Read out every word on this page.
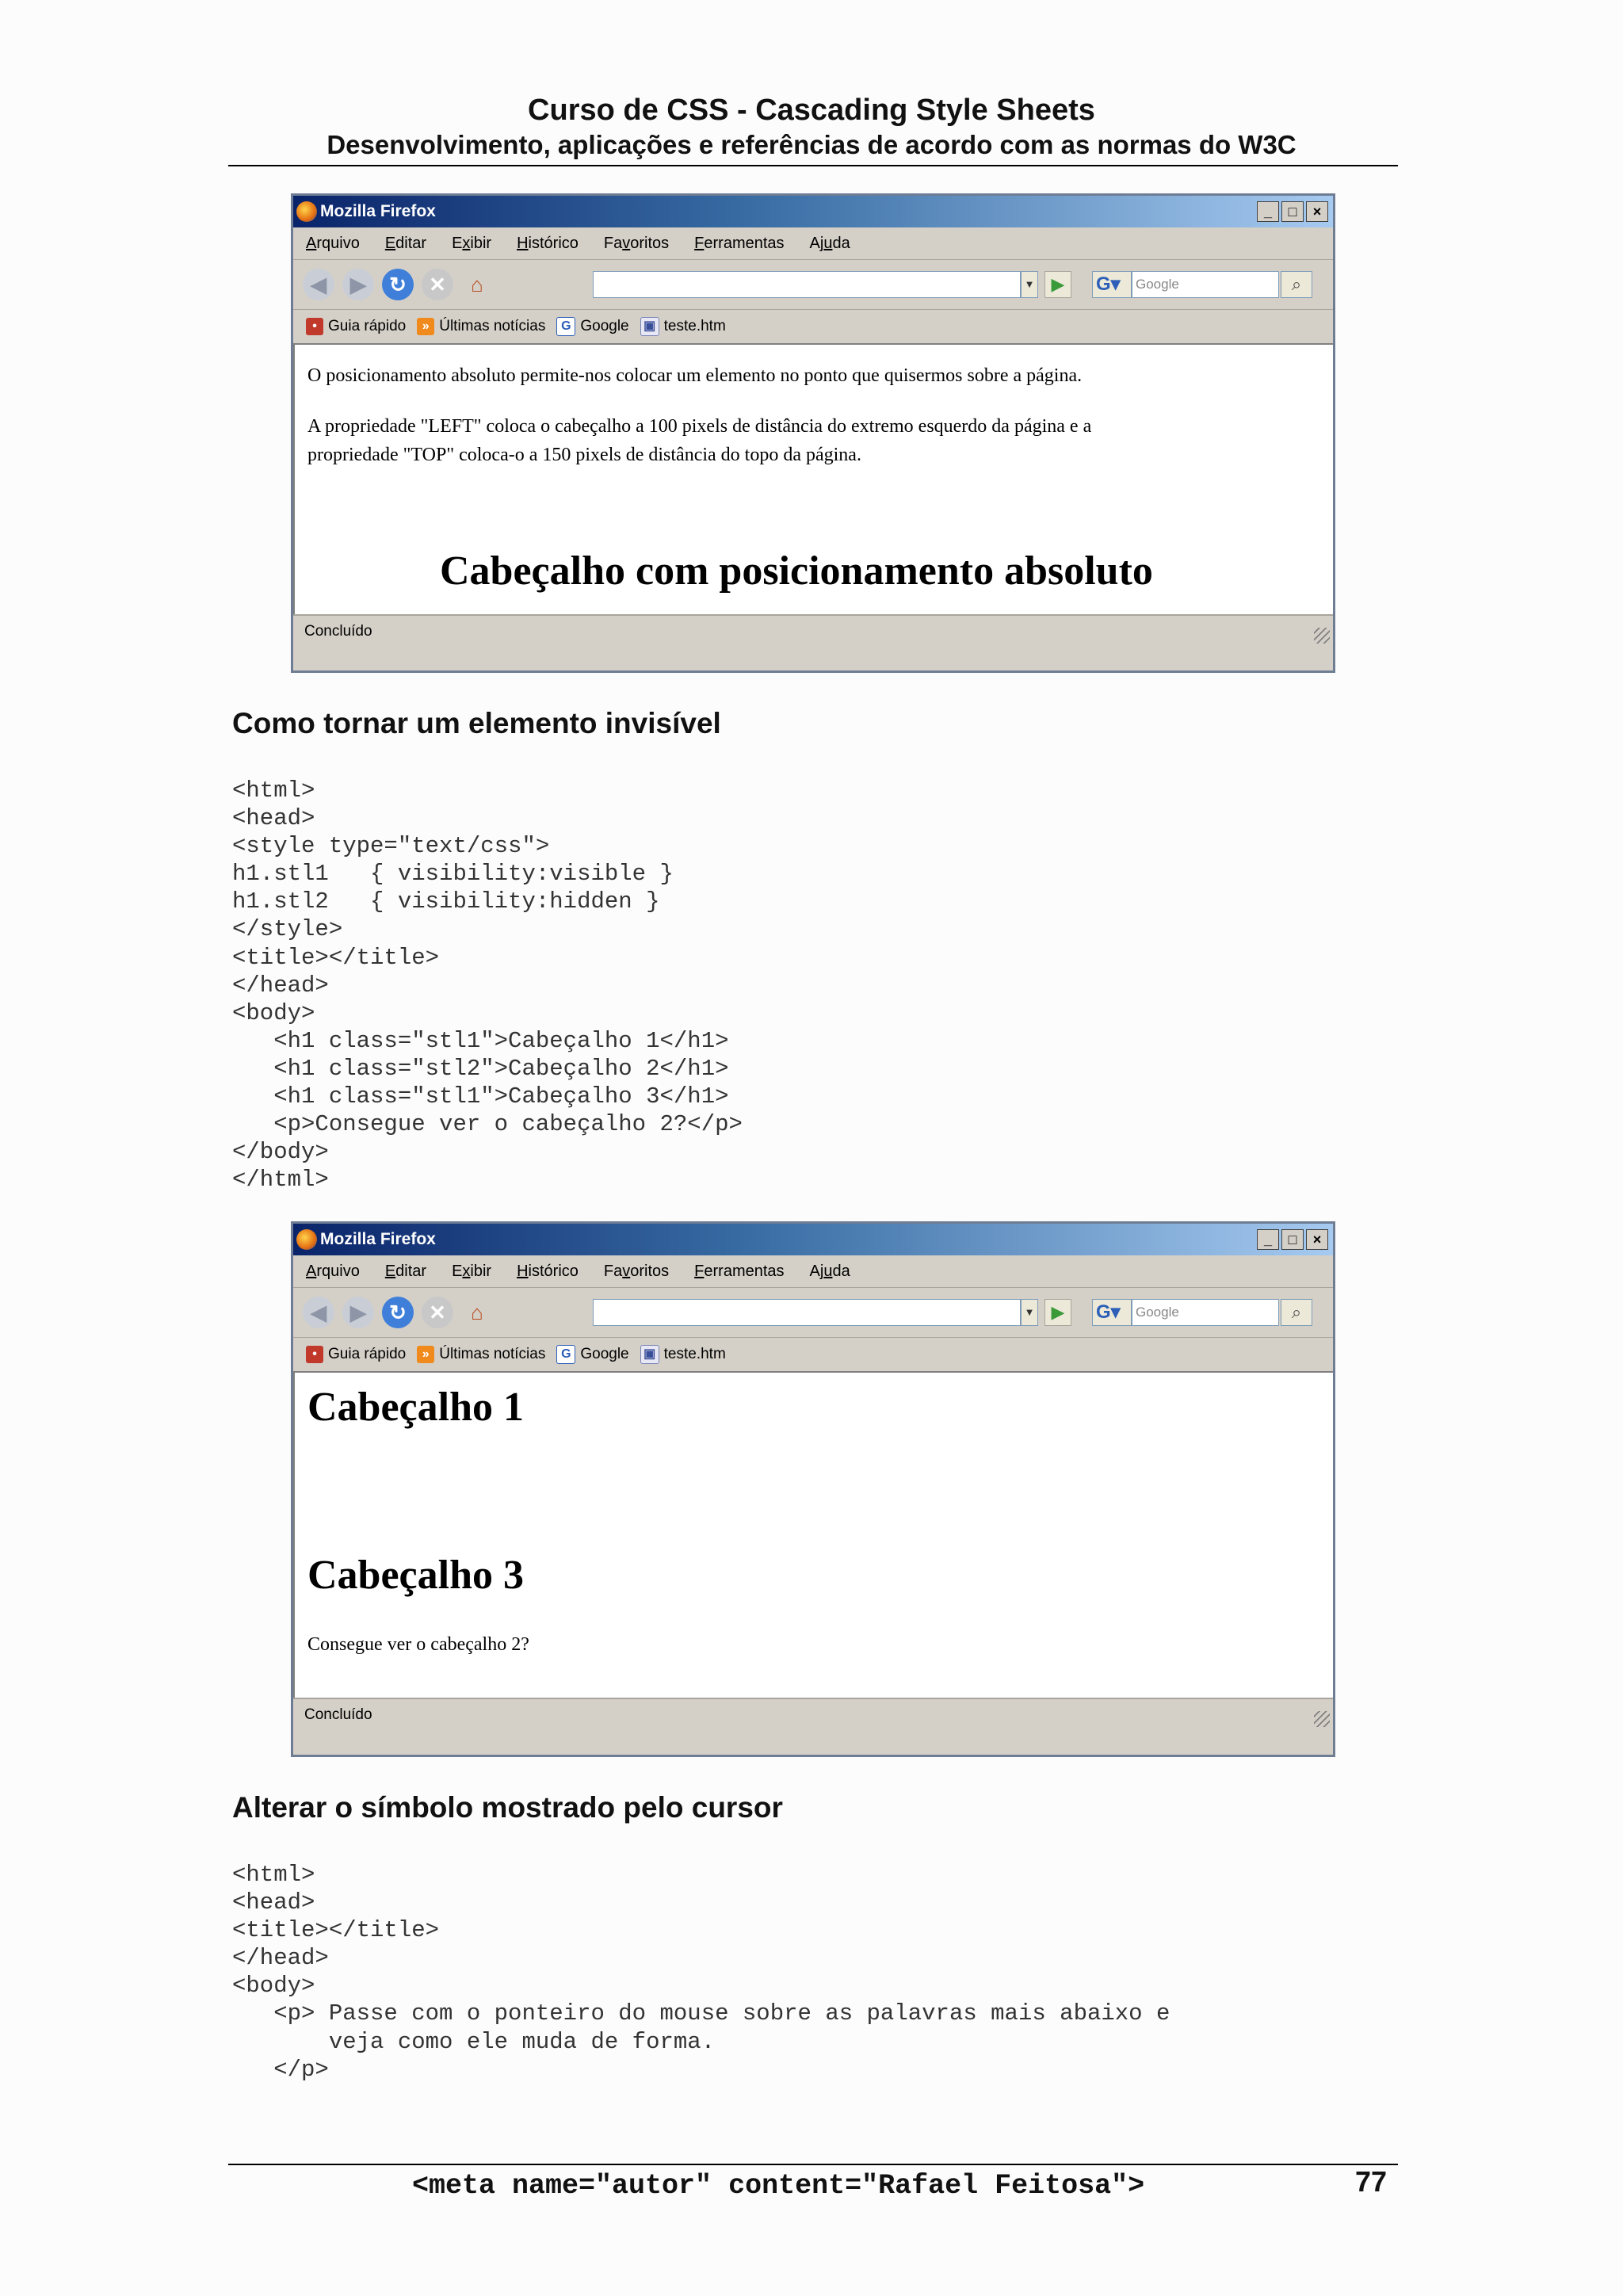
Curso de CSS - Cascading Style Sheets
Desenvolvimento, aplicações e referências de acordo com as normas do W3C
Mozilla Firefox	_	□	×
Arquivo Editar Exibir Histórico Favoritos Ferramentas Ajuda
◀	▶	↻	✕	⌂	▼ ▶	G▾	Google	⌕
• Guia rápido	» Últimas notícias	G Google ▣ teste.htm
O posicionamento absoluto permite-nos colocar um elemento no ponto que quisermos sobre a página.
A propriedade "LEFT" coloca o cabeçalho a 100 pixels de distância do extremo esquerdo da página e a
propriedade "TOP" coloca-o a 150 pixels de distância do topo da página.
Cabeçalho com posicionamento absoluto
Concluído
Como tornar um elemento invisível
<html>
<head>
<style type="text/css">
h1.stl1   { visibility:visible }
h1.stl2   { visibility:hidden }
</style>
<title></title>
</head>
<body>
<h1 class="stl1">Cabeçalho 1</h1>
<h1 class="stl2">Cabeçalho 2</h1>
<h1 class="stl1">Cabeçalho 3</h1>
<p>Consegue ver o cabeçalho 2?</p>
</body>
</html>
Mozilla Firefox	_	□	×
Arquivo Editar Exibir Histórico Favoritos Ferramentas Ajuda
◀	▶	↻	✕	⌂	▼ ▶	G▾	Google	⌕
• Guia rápido	» Últimas notícias	G Google ▣ teste.htm
Cabeçalho 1
Cabeçalho 3
Consegue ver o cabeçalho 2?
Concluído
Alterar o símbolo mostrado pelo cursor
<html>
<head>
<title></title>
</head>
<body>
<p> Passe com o ponteiro do mouse sobre as palavras mais abaixo e
veja como ele muda de forma.
</p>
<meta name="autor" content="Rafael Feitosa">	77
